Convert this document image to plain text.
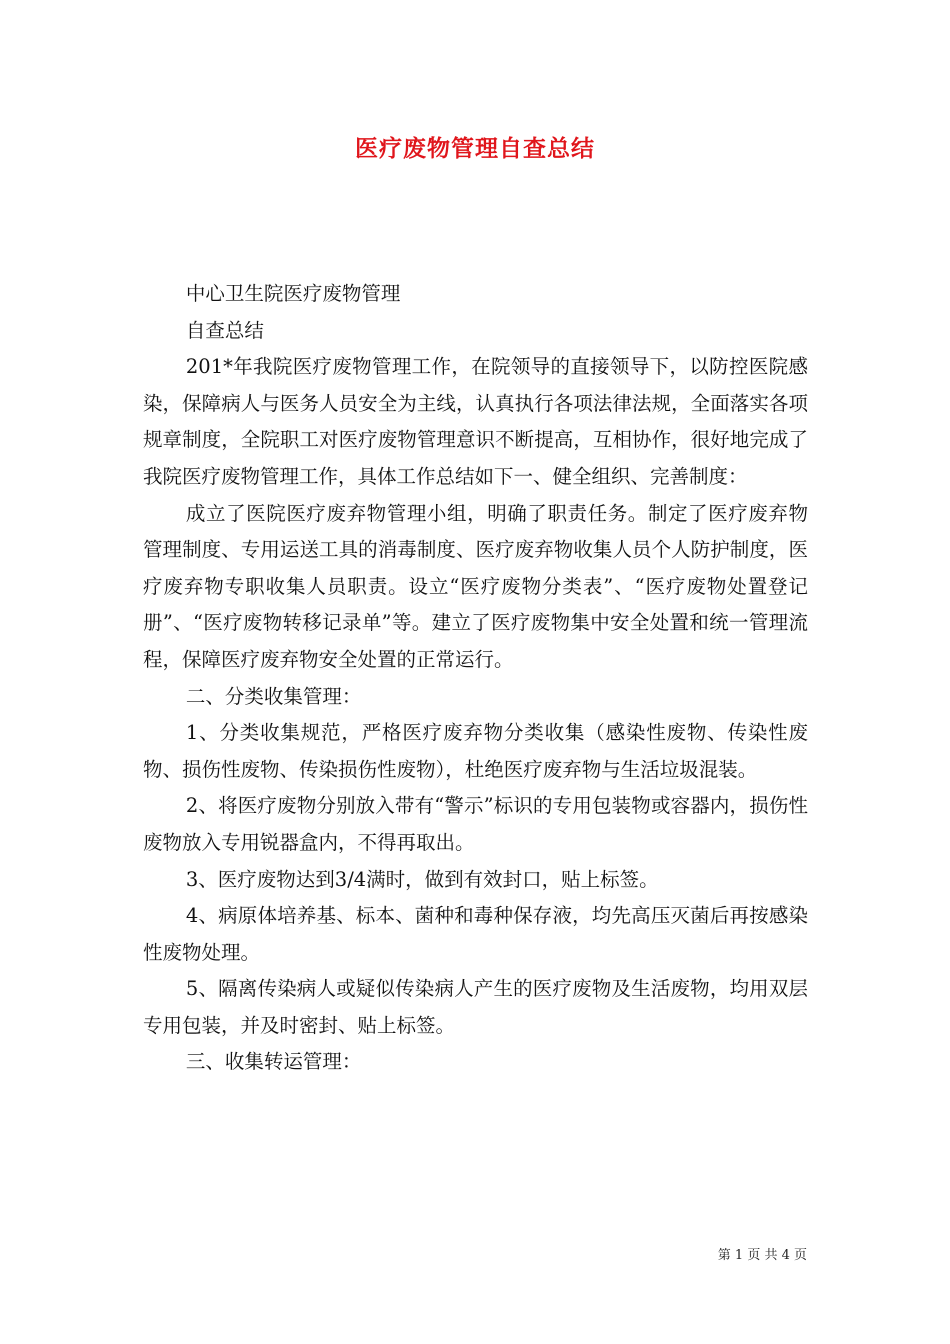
医疗废物管理自查总结

中心卫生院医疗废物管理

自查总结

201*年我院医疗废物管理工作，在院领导的直接领导下，以防控医院感染，保障病人与医务人员安全为主线，认真执行各项法律法规，全面落实各项规章制度，全院职工对医疗废物管理意识不断提高，互相协作，很好地完成了我院医疗废物管理工作，具体工作总结如下一、健全组织、完善制度：

成立了医院医疗废弃物管理小组，明确了职责任务。制定了医疗废弃物管理制度、专用运送工具的消毒制度、医疗废弃物收集人员个人防护制度，医疗废弃物专职收集人员职责。设立“医疗废物分类表”、“医疗废物处置登记册”、“医疗废物转移记录单”等。建立了医疗废物集中安全处置和统一管理流程，保障医疗废弃物安全处置的正常运行。

二、分类收集管理：

1、分类收集规范，严格医疗废弃物分类收集（感染性废物、传染性废物、损伤性废物、传染损伤性废物），杜绝医疗废弃物与生活垃圾混装。

2、将医疗废物分别放入带有“警示”标识的专用包装物或容器内，损伤性废物放入专用锐器盒内，不得再取出。

3、医疗废物达到3/4满时，做到有效封口，贴上标签。

4、病原体培养基、标本、菌种和毒种保存液，均先高压灭菌后再按感染性废物处理。

5、隔离传染病人或疑似传染病人产生的医疗废物及生活废物，均用双层专用包装，并及时密封、贴上标签。

三、收集转运管理：

第 1 页 共 4 页
